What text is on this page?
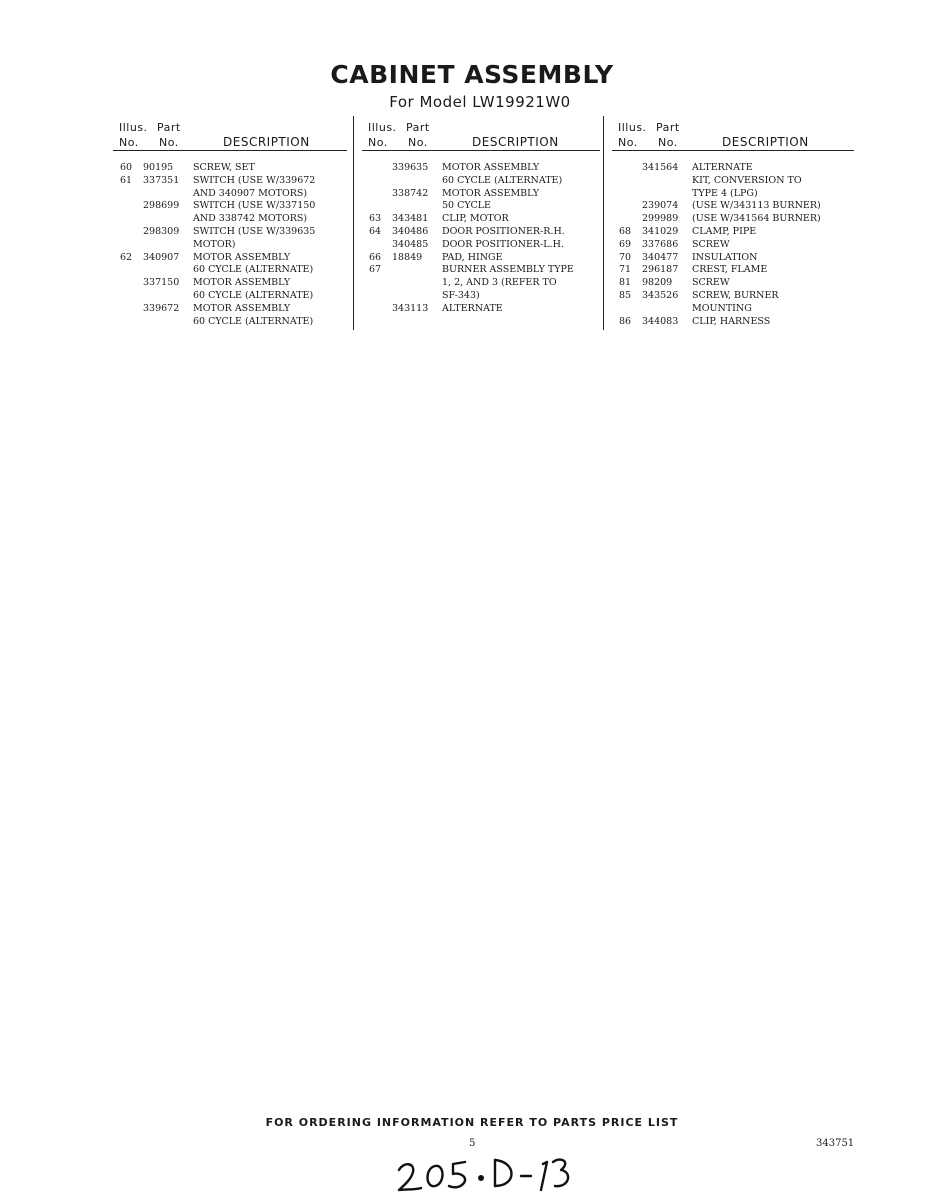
CABINET ASSEMBLY
For Model LW19921W0
Illus. Part
No. No.	DESCRIPTION
60 90195 SCREW, SET
61 337351 SWITCH (USE W/339672
AND 340907 MOTORS)
298699 SWITCH (USE W/337150
AND 338742 MOTORS)
298309 SWITCH (USE W/339635
MOTOR)
62 340907 MOTOR ASSEMBLY
60 CYCLE (ALTERNATE)
337150 MOTOR ASSEMBLY
60 CYCLE (ALTERNATE)
339672 MOTOR ASSEMBLY
60 CYCLE (ALTERNATE)
Illus. Part
No. No.	DESCRIPTION
339635 MOTOR ASSEMBLY
60 CYCLE (ALTERNATE)
338742 MOTOR ASSEMBLY
50 CYCLE
63 343481 CLIP, MOTOR
64 340486 DOOR POSITIONER-R.H.
340485 DOOR POSITIONER-L.H.
66 18849 PAD, HINGE
67	BURNER ASSEMBLY TYPE
1, 2, AND 3 (REFER TO
SF-343)
343113 ALTERNATE
Illus. Part
No. No.	DESCRIPTION
341564 ALTERNATE
KIT, CONVERSION TO
TYPE 4 (LPG)
239074 (USE W/343113 BURNER)
299989 (USE W/341564 BURNER)
68 341029 CLAMP, PIPE
69 337686 SCREW
70 340477 INSULATION
71 296187 CREST, FLAME
81 98209 SCREW
85 343526 SCREW, BURNER
MOUNTING
86 344083 CLIP, HARNESS
FOR ORDERING INFORMATION REFER TO PARTS PRICE LIST
5	343751
